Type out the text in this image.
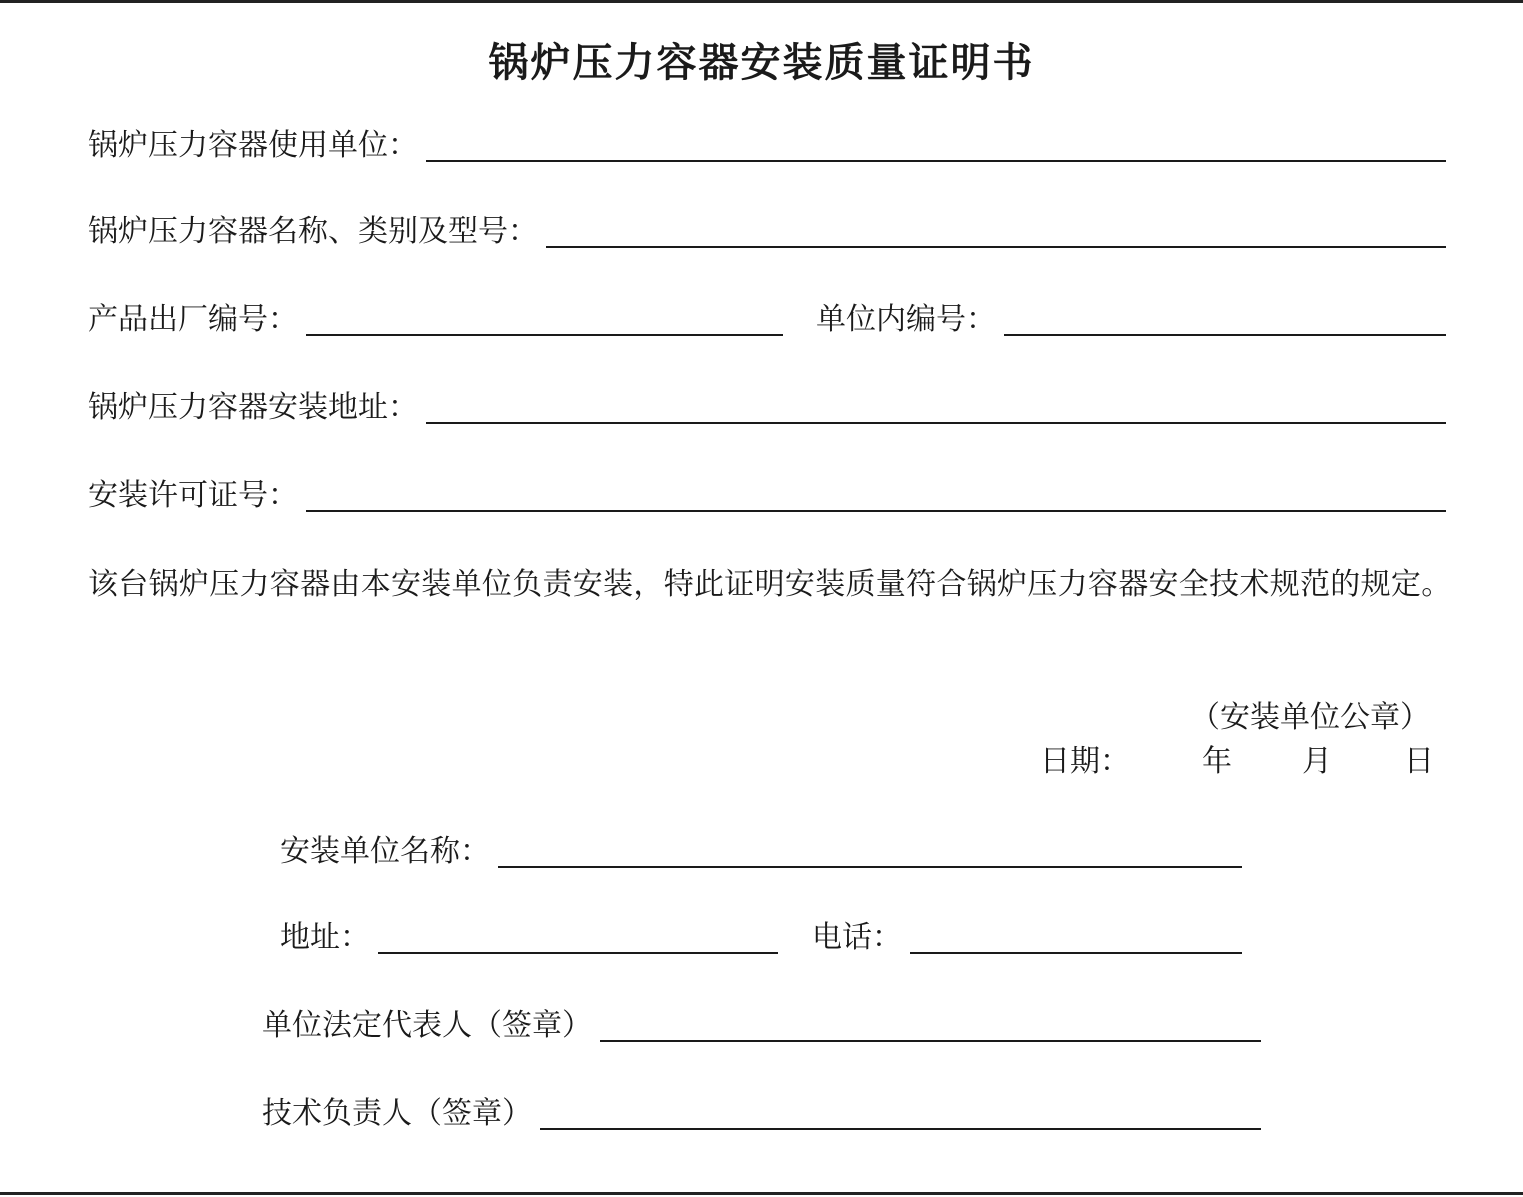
锅炉压力容器安装质量证明书
锅炉压力容器使用单位：
锅炉压力容器名称、类别及型号：
产品出厂编号：	单位内编号：
锅炉压力容器安装地址：
安装许可证号：
该台锅炉压力容器由本安装单位负责安装，特此证明安装质量符合锅炉压力容器安全技术规范的规定。
（安装单位公章）
日期： 年 月 日
安装单位名称：
地址：	电话：
单位法定代表人（签章）
技术负责人（签章）
